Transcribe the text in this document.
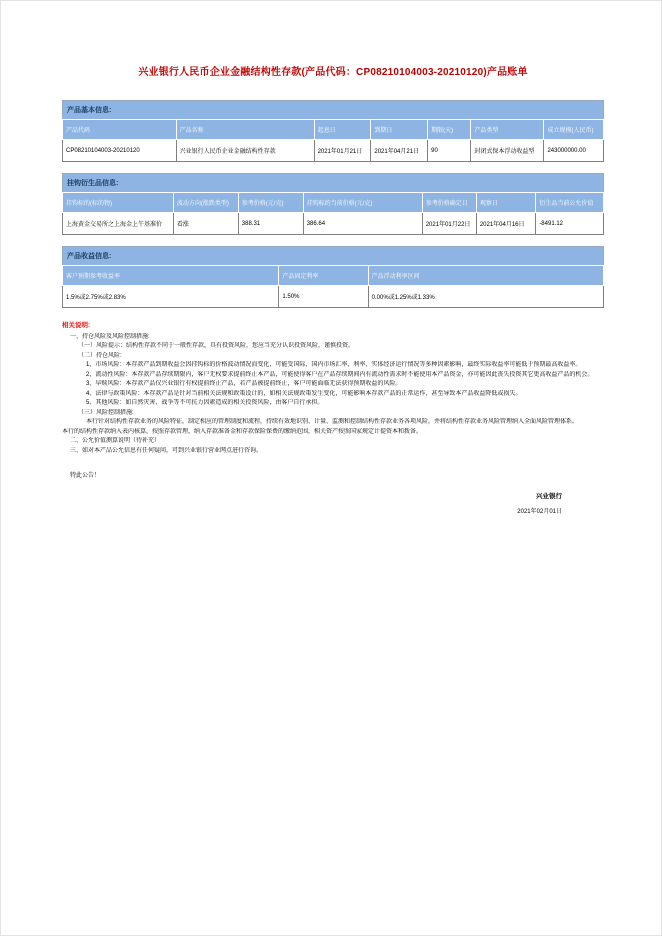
兴业银行人民币企业金融结构性存款(产品代码：CP08210104003-20210120)产品账单
产品基本信息:
产品代码	产品名称	起息日	到期日	期限(天)	产品类型	成立规模(人民币)
CP08210104003-20210120	兴业银行人民币企业金融结构性存款	2021年01月21日	2021年04月21日	90	封闭式保本浮动收益型	243000000.00
挂钩衍生品信息:
挂钩标的(标的物)	波动方向(涨跌类型)	参考价格(元/克)	挂钩标的当前价格(元/克)	参考价格确定日	观察日	衍生品当前公允价值
上海黄金交易所之上海金上午基准价	看涨	388.31	386.64	2021年01月22日	2021年04月16日	-8491.12
产品收益信息:
客户预期参考收益率	产品固定利率	产品浮动利率区间
1.5%或2.75%或2.83%	1.50%	0.00%或1.25%或1.33%
相关说明:
一、持仓风险及风险控制措施:
（一）风险提示：结构性存款不同于一般性存款，具有投资风险，您应当充分认识投资风险，谨慎投资。
（二）持仓风险:
1、市场风险：本存款产品到期收益会因挂钩标的价格波动情况而变化，可能受国际、国内市场汇率、利率、实体经济运行情况等多种因素影响，最终实际收益率可能低于预期最高收益率。
2、流动性风险：本存款产品存续期限内，客户无权要求提前终止本产品，可能使得客户在产品存续期间内有流动性需求时不能使用本产品资金，亦可能因此丧失投资其它更高收益产品的机会。
3、早赎风险：本存款产品仅兴业银行有权提前终止产品，若产品被提前终止，客户可能面临无法获得预期收益的风险。
4、法律与政策风险：本存款产品是针对当前相关法规和政策设计的，如相关法规政策发生变化，可能影响本存款产品的正常运作，甚至导致本产品收益降低或损失。
5、其他风险：如自然灾害、战争等不可抗力因素造成的相关投资风险，由客户自行承担。
（三）风险控制措施:
本行针对结构性存款业务的风险特征，制定相应的管理制度和流程，持续有效地识别、计量、监测和控制结构性存款业务各项风险，并将结构性存款业务风险管理纳入全面风险管理体系。
本行的结构性存款纳入表内核算，按照存款管理，纳入存款准备金和存款保险保费的缴纳范围，相关资产按照国家规定计提资本和拨备。
二、公允价值测算说明（待补充）
三、如对本产品公允信息有任何疑问，可到兴业银行营业网点进行咨询。
特此公告！
兴业银行
2021年02月01日
